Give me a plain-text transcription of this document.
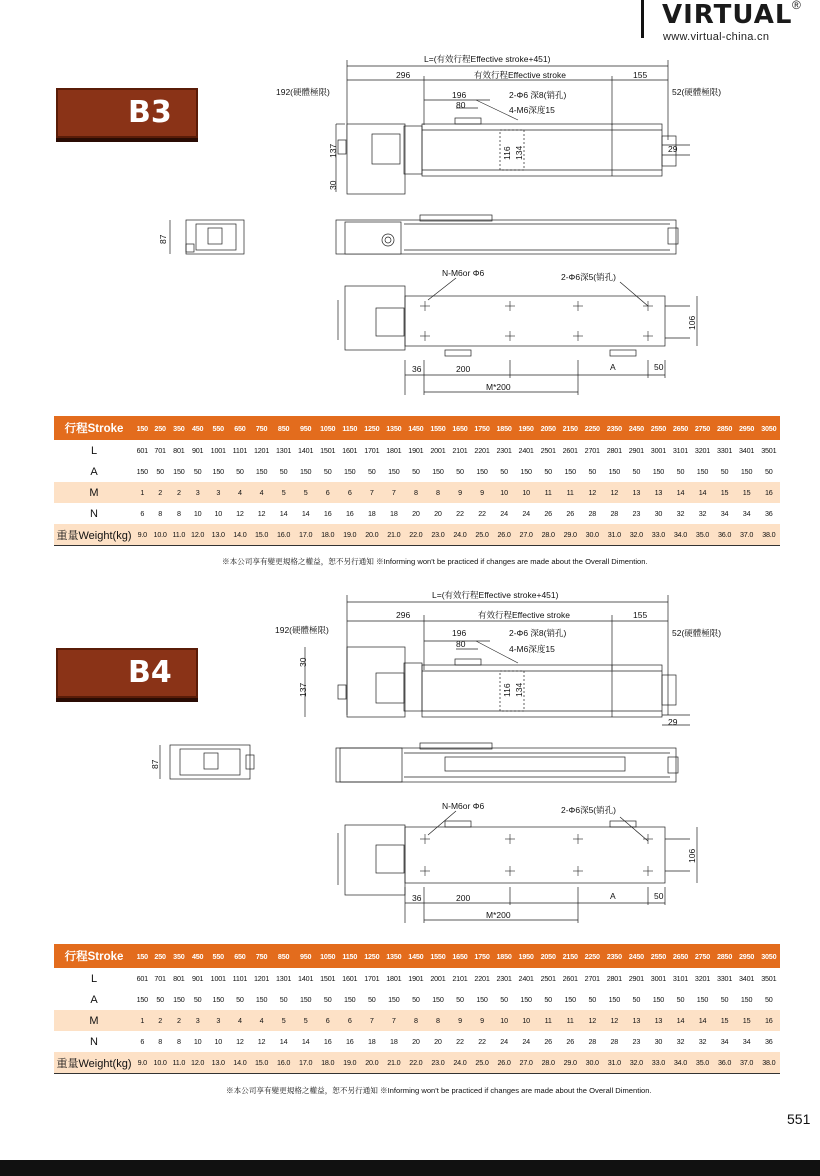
VIRTUAL ®
www.virtual-china.cn
B3
L=(有效行程Effective stroke+451)
296	有效行程Effective stroke	155
192(硬體極限)	52(硬體極限)
196
80
2-Φ6 深8(销孔)
4-M6深度15
137
30
116 134	29
87
N-M6or Φ6	2-Φ6深5(销孔)
106
36	200	A	50
M*200
行程Stroke	150	250	350	450	550	650	750	850	950	1050	1150	1250	1350	1450	1550	1650	1750	1850	1950	2050	2150	2250	2350	2450	2550	2650	2750	2850	2950	3050
L	601	701	801	901	1001	1101	1201	1301	1401	1501	1601	1701	1801	1901	2001	2101	2201	2301	2401	2501	2601	2701	2801	2901	3001	3101	3201	3301	3401	3501
A	150	50	150	50	150	50	150	50	150	50	150	50	150	50	150	50	150	50	150	50	150	50	150	50	150	50	150	50	150	50
M	1	2	2	3	3	4	4	5	5	6	6	7	7	8	8	9	9	10	10	11	11	12	12	13	13	14	14	15	15	16
N	6	8	8	10	10	12	12	14	14	16	16	18	18	20	20	22	22	24	24	26	26	28	28	23	30	32	32	34	34	36
重量Weight(kg)	9.0	10.0	11.0	12.0	13.0	14.0	15.0	16.0	17.0	18.0	19.0	20.0	21.0	22.0	23.0	24.0	25.0	26.0	27.0	28.0	29.0	30.0	31.0	32.0	33.0	34.0	35.0	36.0	37.0	38.0
※本公司享有變更規格之權益，恕不另行通知 ※Informing won't be practiced if changes are made about the Overall Dimention.
B4
L=(有效行程Effective stroke+451)
296	有效行程Effective stroke	155
192(硬體極限)	52(硬體極限)
196
80
2-Φ6 深8(销孔)
4-M6深度15
30
137	116 134
29
87
N-M6or Φ6	2-Φ6深5(销孔)
106
36	200	A	50
M*200
行程Stroke	150	250	350	450	550	650	750	850	950	1050	1150	1250	1350	1450	1550	1650	1750	1850	1950	2050	2150	2250	2350	2450	2550	2650	2750	2850	2950	3050
L	601	701	801	901	1001	1101	1201	1301	1401	1501	1601	1701	1801	1901	2001	2101	2201	2301	2401	2501	2601	2701	2801	2901	3001	3101	3201	3301	3401	3501
A	150	50	150	50	150	50	150	50	150	50	150	50	150	50	150	50	150	50	150	50	150	50	150	50	150	50	150	50	150	50
M	1	2	2	3	3	4	4	5	5	6	6	7	7	8	8	9	9	10	10	11	11	12	12	13	13	14	14	15	15	16
N	6	8	8	10	10	12	12	14	14	16	16	18	18	20	20	22	22	24	24	26	26	28	28	23	30	32	32	34	34	36
重量Weight(kg)	9.0	10.0	11.0	12.0	13.0	14.0	15.0	16.0	17.0	18.0	19.0	20.0	21.0	22.0	23.0	24.0	25.0	26.0	27.0	28.0	29.0	30.0	31.0	32.0	33.0	34.0	35.0	36.0	37.0	38.0
※本公司享有變更規格之權益，恕不另行通知 ※Informing won't be practiced if changes are made about the Overall Dimention.
551
